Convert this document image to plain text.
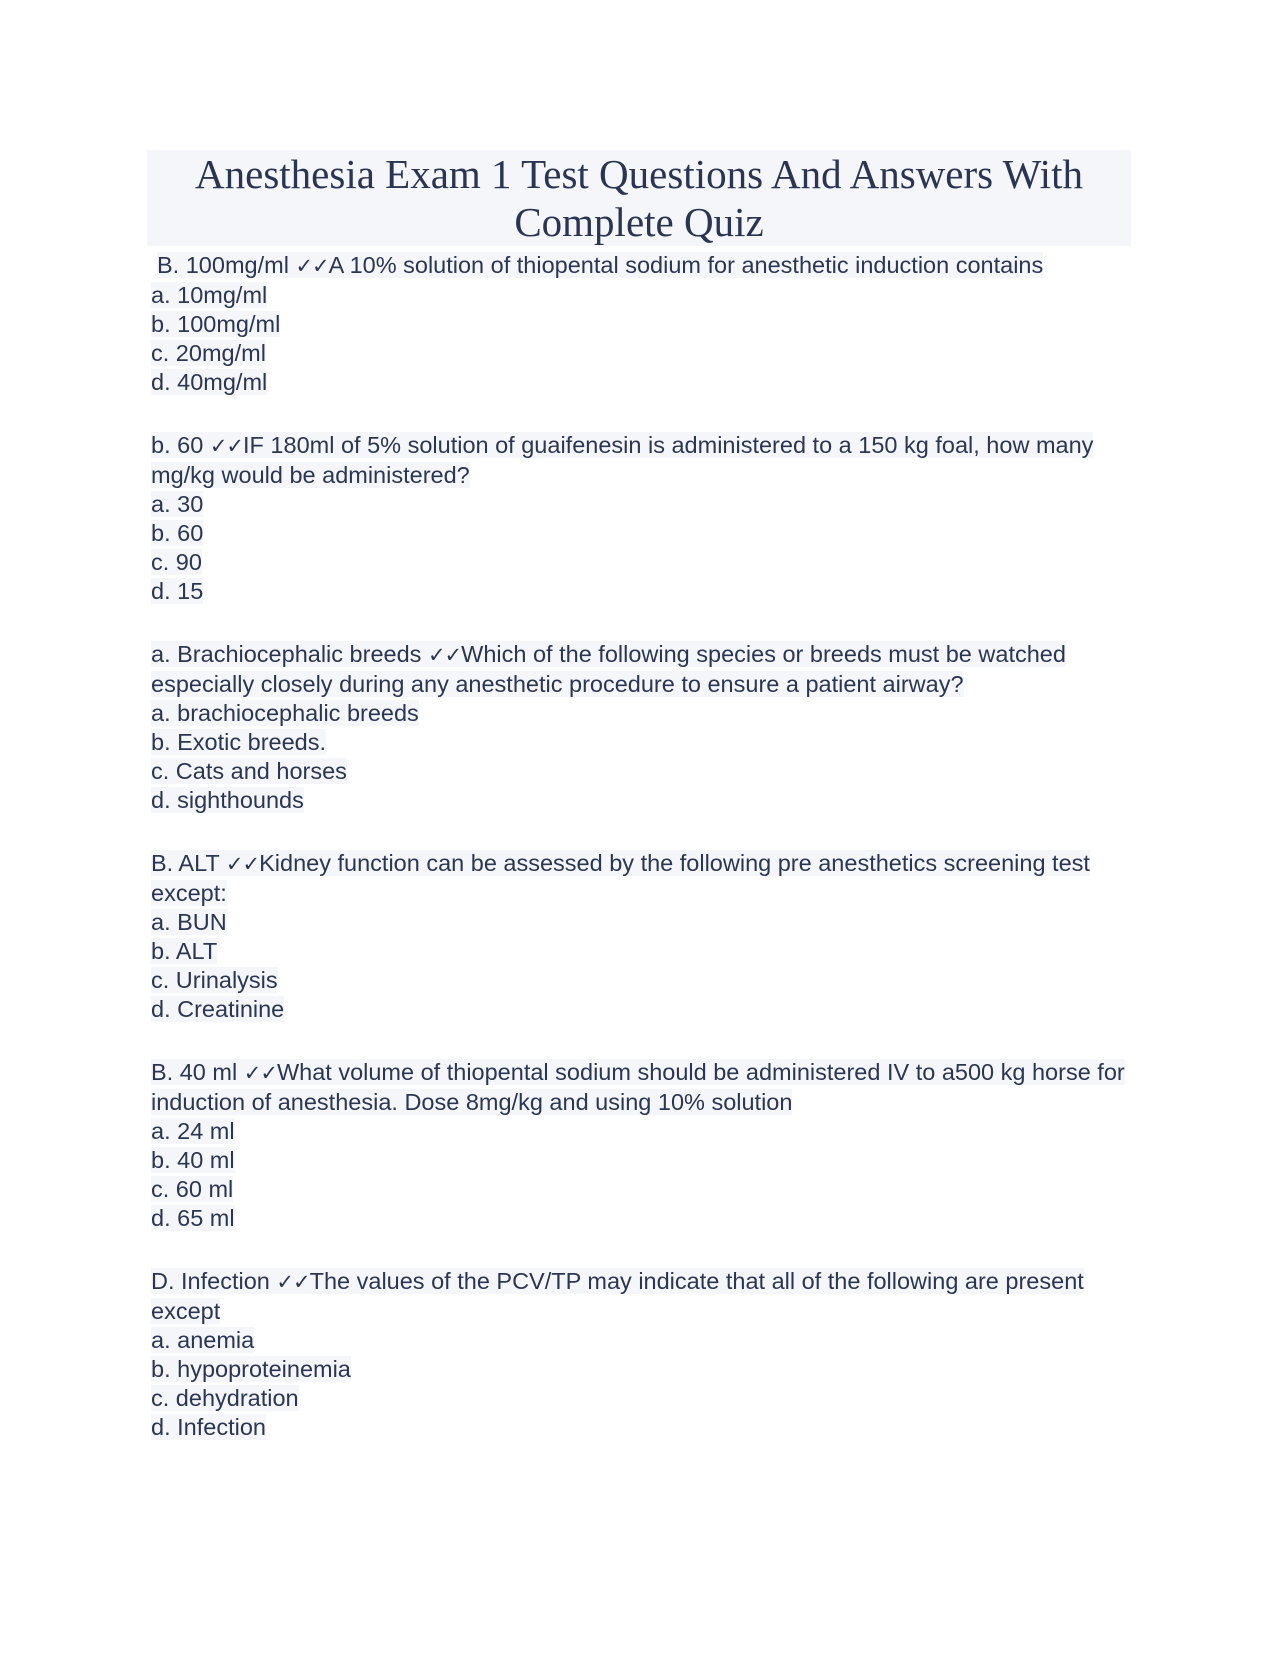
Anesthesia Exam 1 Test Questions And Answers With Complete Quiz
B. 100mg/ml ✓✓A 10% solution of thiopental sodium for anesthetic induction contains
a. 10mg/ml
b. 100mg/ml
c. 20mg/ml
d. 40mg/ml
b. 60 ✓✓IF 180ml of 5% solution of guaifenesin is administered to a 150 kg foal, how many mg/kg would be administered?
a. 30
b. 60
c. 90
d. 15
a. Brachiocephalic breeds ✓✓Which of the following species or breeds must be watched especially closely during any anesthetic procedure to ensure a patient airway?
a. brachiocephalic breeds
b. Exotic breeds.
c. Cats and horses
d. sighthounds
B. ALT ✓✓Kidney function can be assessed by the following pre anesthetics screening test except:
a. BUN
b. ALT
c. Urinalysis
d. Creatinine
B. 40 ml ✓✓What volume of thiopental sodium should be administered IV to a500 kg horse for induction of anesthesia. Dose 8mg/kg and using 10% solution
a. 24 ml
b. 40 ml
c. 60 ml
d. 65 ml
D. Infection ✓✓The values of the PCV/TP may indicate that all of the following are present except
a. anemia
b. hypoproteinemia
c. dehydration
d. Infection
